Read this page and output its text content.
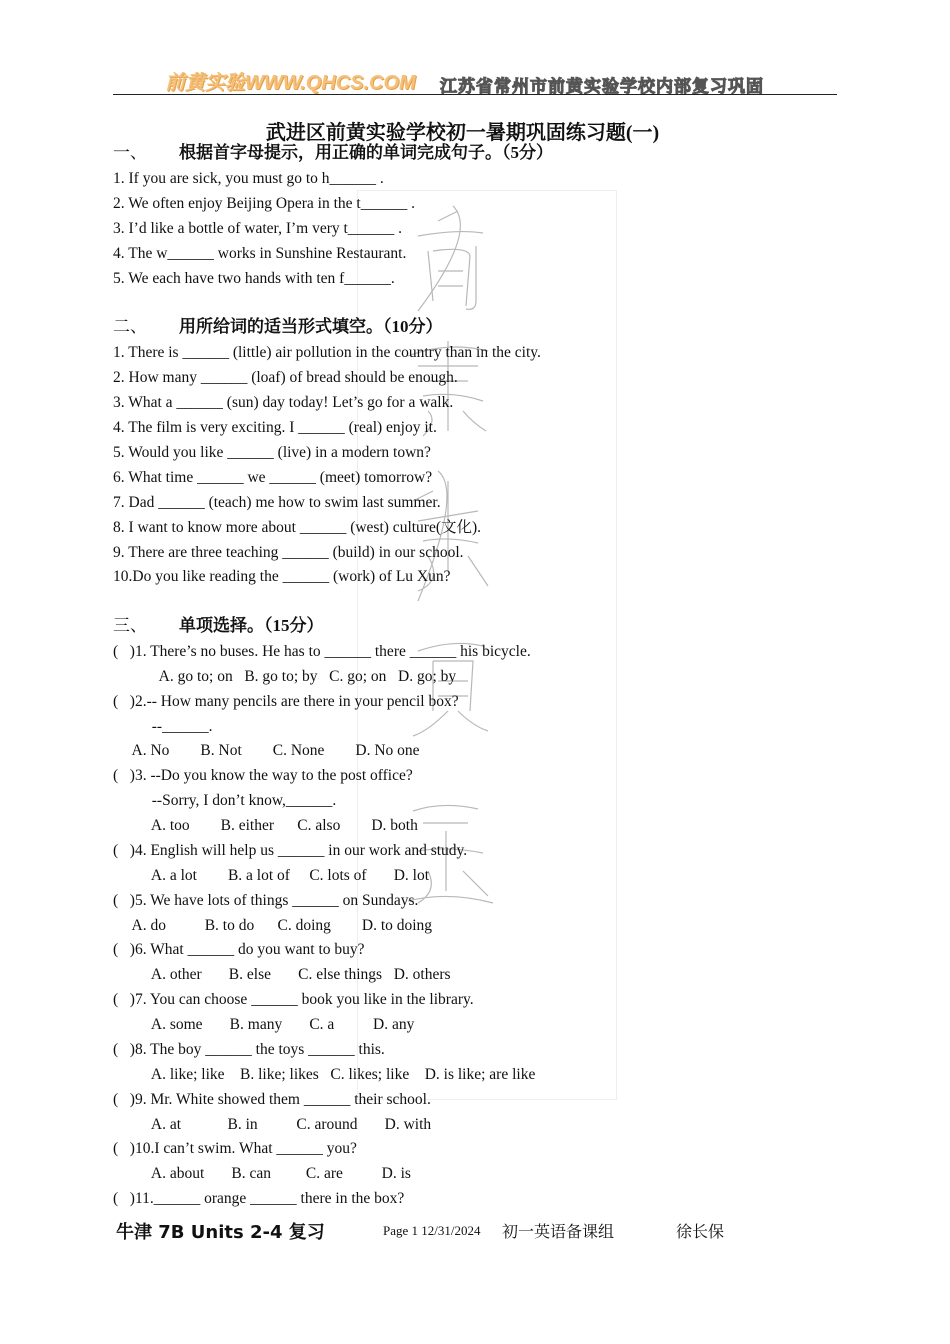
前黄实验WWW.QHCS.COM 江苏省常州市前黄实验学校内部复习巩固
武进区前黄实验学校初一暑期巩固练习题(一)
一、 根据首字母提示，用正确的单词完成句子。（5分）
1. If you are sick, you must go to h______ .
2. We often enjoy Beijing Opera in the t______ .
3. I’d like a bottle of water, I’m very t______ .
4. The w______ works in Sunshine Restaurant.
5. We each have two hands with ten f______.
二、 用所给词的适当形式填空。（10分）
1. There is ______ (little) air pollution in the country than in the city.
2. How many ______ (loaf) of bread should be enough.
3. What a ______ (sun) day today! Let’s go for a walk.
4. The film is very exciting. I ______ (real) enjoy it.
5. Would you like ______ (live) in a modern town?
6. What time ______ we ______ (meet) tomorrow?
7. Dad ______ (teach) me how to swim last summer.
8. I want to know more about ______ (west) culture(文化).
9. There are three teaching ______ (build) in our school.
10.Do you like reading the ______ (work) of Lu Xun?
三、 单项选择。（15分）
(   )1. There’s no buses. He has to ______ there ______ his bicycle.
A. go to; on   B. go to; by   C. go; on   D. go; by
(   )2.-- How many pencils are there in your pencil box?
--______.
A. No        B. Not        C. None        D. No one
(   )3. --Do you know the way to the post office?
--Sorry, I don’t know,______.
A. too        B. either      C. also        D. both
(   )4. English will help us ______ in our work and study.
A. a lot        B. a lot of     C. lots of       D. lot
(   )5. We have lots of things ______ on Sundays.
A. do          B. to do      C. doing        D. to doing
(   )6. What ______ do you want to buy?
A. other       B. else       C. else things   D. others
(   )7. You can choose ______ book you like in the library.
A. some       B. many       C. a          D. any
(   )8. The boy ______ the toys ______ this.
A. like; like    B. like; likes   C. likes; like    D. is like; are like
(   )9. Mr. White showed them ______ their school.
A. at            B. in          C. around       D. with
(   )10.I can’t swim. What ______ you?
A. about       B. can         C. are          D. is
(   )11.______ orange ______ there in the box?
牛津 7B Units 2-4 复习	Page 1 12/31/2024 初一英语备课组	徐长保
